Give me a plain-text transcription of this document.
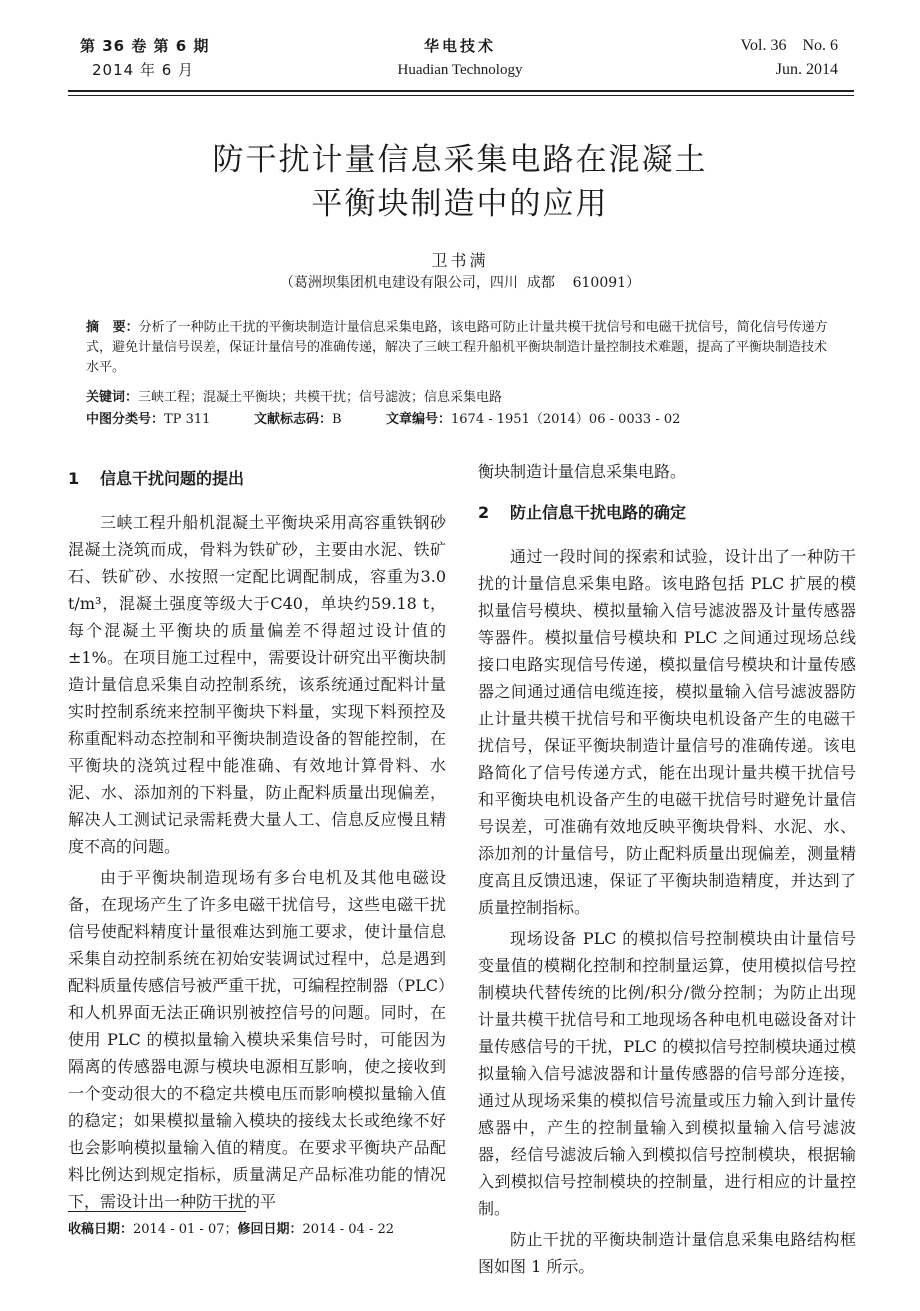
第 36 卷 第 6 期
2014 年 6 月
华电技术
Huadian Technology
Vol. 36    No. 6
Jun. 2014
防干扰计量信息采集电路在混凝土
平衡块制造中的应用
卫书满
（葛洲坝集团机电建设有限公司，四川  成都    610091）
摘   要：分析了一种防止干扰的平衡块制造计量信息采集电路，该电路可防止计量共模干扰信号和电磁干扰信号，简化信号传递方式，避免计量信号误差，保证计量信号的准确传递，解决了三峡工程升船机平衡块制造计量控制技术难题，提高了平衡块制造技术水平。
关键词：三峡工程；混凝土平衡块；共模干扰；信号滤波；信息采集电路
中图分类号：TP 311	文献标志码：B	文章编号：1674 - 1951（2014）06 - 0033 - 02
1 信息干扰问题的提出

三峡工程升船机混凝土平衡块采用高容重铁钢砂混凝土浇筑而成，骨料为铁矿砂，主要由水泥、铁矿石、铁矿砂、水按照一定配比调配制成，容重为3.0 t/m³，混凝土强度等级大于C40，单块约59.18 t，每个混凝土平衡块的质量偏差不得超过设计值的±1%。在项目施工过程中，需要设计研究出平衡块制造计量信息采集自动控制系统，该系统通过配料计量实时控制系统来控制平衡块下料量，实现下料预控及称重配料动态控制和平衡块制造设备的智能控制，在平衡块的浇筑过程中能准确、有效地计算骨料、水泥、水、添加剂的下料量，防止配料质量出现偏差，解决人工测试记录需耗费大量人工、信息反应慢且精度不高的问题。

由于平衡块制造现场有多台电机及其他电磁设备，在现场产生了许多电磁干扰信号，这些电磁干扰信号使配料精度计量很难达到施工要求，使计量信息采集自动控制系统在初始安装调试过程中，总是遇到配料质量传感信号被严重干扰，可编程控制器（PLC）和人机界面无法正确识别被控信号的问题。同时，在使用 PLC 的模拟量输入模块采集信号时，可能因为隔离的传感器电源与模块电源相互影响，使之接收到一个变动很大的不稳定共模电压而影响模拟量输入值的稳定；如果模拟量输入模块的接线太长或绝缘不好也会影响模拟量输入值的精度。在要求平衡块产品配料比例达到规定指标，质量满足产品标准功能的情况下，需设计出一种防干扰的平

衡块制造计量信息采集电路。

2 防止信息干扰电路的确定

通过一段时间的探索和试验，设计出了一种防干扰的计量信息采集电路。该电路包括 PLC 扩展的模拟量信号模块、模拟量输入信号滤波器及计量传感器等器件。模拟量信号模块和 PLC 之间通过现场总线接口电路实现信号传递，模拟量信号模块和计量传感器之间通过通信电缆连接，模拟量输入信号滤波器防止计量共模干扰信号和平衡块电机设备产生的电磁干扰信号，保证平衡块制造计量信号的准确传递。该电路简化了信号传递方式，能在出现计量共模干扰信号和平衡块电机设备产生的电磁干扰信号时避免计量信号误差，可准确有效地反映平衡块骨料、水泥、水、添加剂的计量信号，防止配料质量出现偏差，测量精度高且反馈迅速，保证了平衡块制造精度，并达到了质量控制指标。

现场设备 PLC 的模拟信号控制模块由计量信号变量值的模糊化控制和控制量运算，使用模拟信号控制模块代替传统的比例/积分/微分控制；为防止出现计量共模干扰信号和工地现场各种电机电磁设备对计量传感信号的干扰，PLC 的模拟信号控制模块通过模拟量输入信号滤波器和计量传感器的信号部分连接，通过从现场采集的模拟信号流量或压力输入到计量传感器中，产生的控制量输入到模拟量输入信号滤波器，经信号滤波后输入到模拟信号控制模块，根据输入到模拟信号控制模块的控制量，进行相应的计量控制。

防止干扰的平衡块制造计量信息采集电路结构框图如图 1 所示。

收稿日期：2014 - 01 - 07；修回日期：2014 - 04 - 22
